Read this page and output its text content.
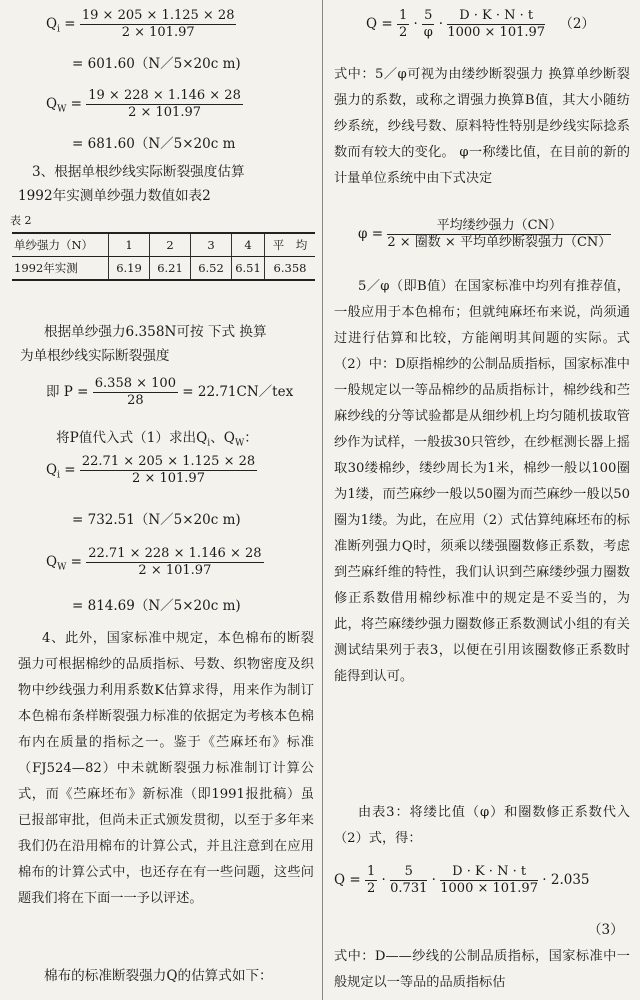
$Q_i = \frac{19 \times 205 \times 1.125 \times 28}{2 \times 101.97}$
= 601.60（N／5×20c m)
$Q_W = \frac{19 \times 228 \times 1.146 \times 28}{2 \times 101.97}$
= 681.60（N／5×20c m
3、根据单根纱线实际断裂强度估算
1992年实测单纱强力数值如表2
表 2
单纱强力（N）	1	2	3	4	平　均
1992年实测	6.19	6.21	6.52	6.51	6.358
根据单纱强力6.358N可按 下式 换算
为单根纱线实际断裂强度
即 $P = \frac{6.358 \times 100}{28}$ = 22.71CN／tex
将P值代入式（1）求出$Q_i$、$Q_W$：
$Q_i = \frac{22.71 \times 205 \times 1.125 \times 28}{2 \times 101.97}$
= 732.51（N／5×20c m)
$Q_W = \frac{22.71 \times 228 \times 1.146 \times 28}{2 \times 101.97}$
= 814.69（N／5×20c m)

4、此外，国家标准中规定，本色棉布的断裂强力可根据棉纱的品质指标、号数、织物密度及织物中纱线强力利用系数K估算求得，用来作为制订本色棉布条样断裂强力标准的依据定为考核本色棉布内在质量的指标之一。鉴于《苎麻坯布》标准（FJ524—82）中未就断裂强力标准制订计算公式，而《苎麻坯布》新标准（即1991报批稿）虽已报部审批，但尚未正式颁发贯彻，以至于多年来我们仍在沿用棉布的计算公式，并且注意到在应用棉布的计算公式中，也还存在有一些问题，这些问题我们将在下面一一予以评述。

棉布的标准断裂强力Q的估算式如下：
$Q = \frac{1}{2} \cdot \frac{5}{\varphi} \cdot \frac{D \cdot K \cdot N \cdot t}{1000 \times 101.97} (2)$

式中：5／φ可视为由缕纱断裂强力 换算单纱断裂强力的系数，或称之谓强力换算B值，其大小随纺纱系统，纱线号数、原料特性特别是纱线实际捻系数而有较大的变化。 φ一称缕比值，在目前的新的计量单位系统中由下式决定

$\varphi = \frac{\text{平均缕纱强力（CN）}}{\text{2 × 圈数 × 平均单纱断裂强力（CN）}}$

5／φ（即B值）在国家标准中均列有推荐值，一般应用于本色棉布；但就纯麻坯布来说，尚须通过进行估算和比较，方能阐明其间题的实际。式（2）中：D原指棉纱的公制品质指标，国家标准中一般规定以一等品棉纱的品质指标计，棉纱线和苎麻纱线的分等试验都是从细纱机上均匀随机拔取管纱作为试样，一般拔30只管纱，在纱框测长器上摇取30缕棉纱，缕纱周长为1米，棉纱一般以100圈为1缕，而苎麻纱一般以50圈为而苎麻纱一般以50圈为1缕。为此，在应用（2）式估算纯麻坯布的标准断列强力Q时，须乘以缕强圈数修正系数，考虑到苎麻纤维的特性，我们认识到苎麻缕纱强力圈数修正系数借用棉纱标准中的规定是不妥当的，为此，将苎麻缕纱强力圈数修正系数测试小组的有关测试结果列于表3，以便在引用该圈数修正系数时能得到认可。

由表3：将缕比值（φ）和圈数修正系数代入（2）式，得：

$Q = \frac{1}{2} \cdot \frac{5}{0.731} \cdot \frac{D \cdot K \cdot N \cdot t}{1000 \times 101.97} \cdot 2.035$
（3）

式中：D——纱线的公制品质指标，国家标准中一般规定以一等品的品质指标估
